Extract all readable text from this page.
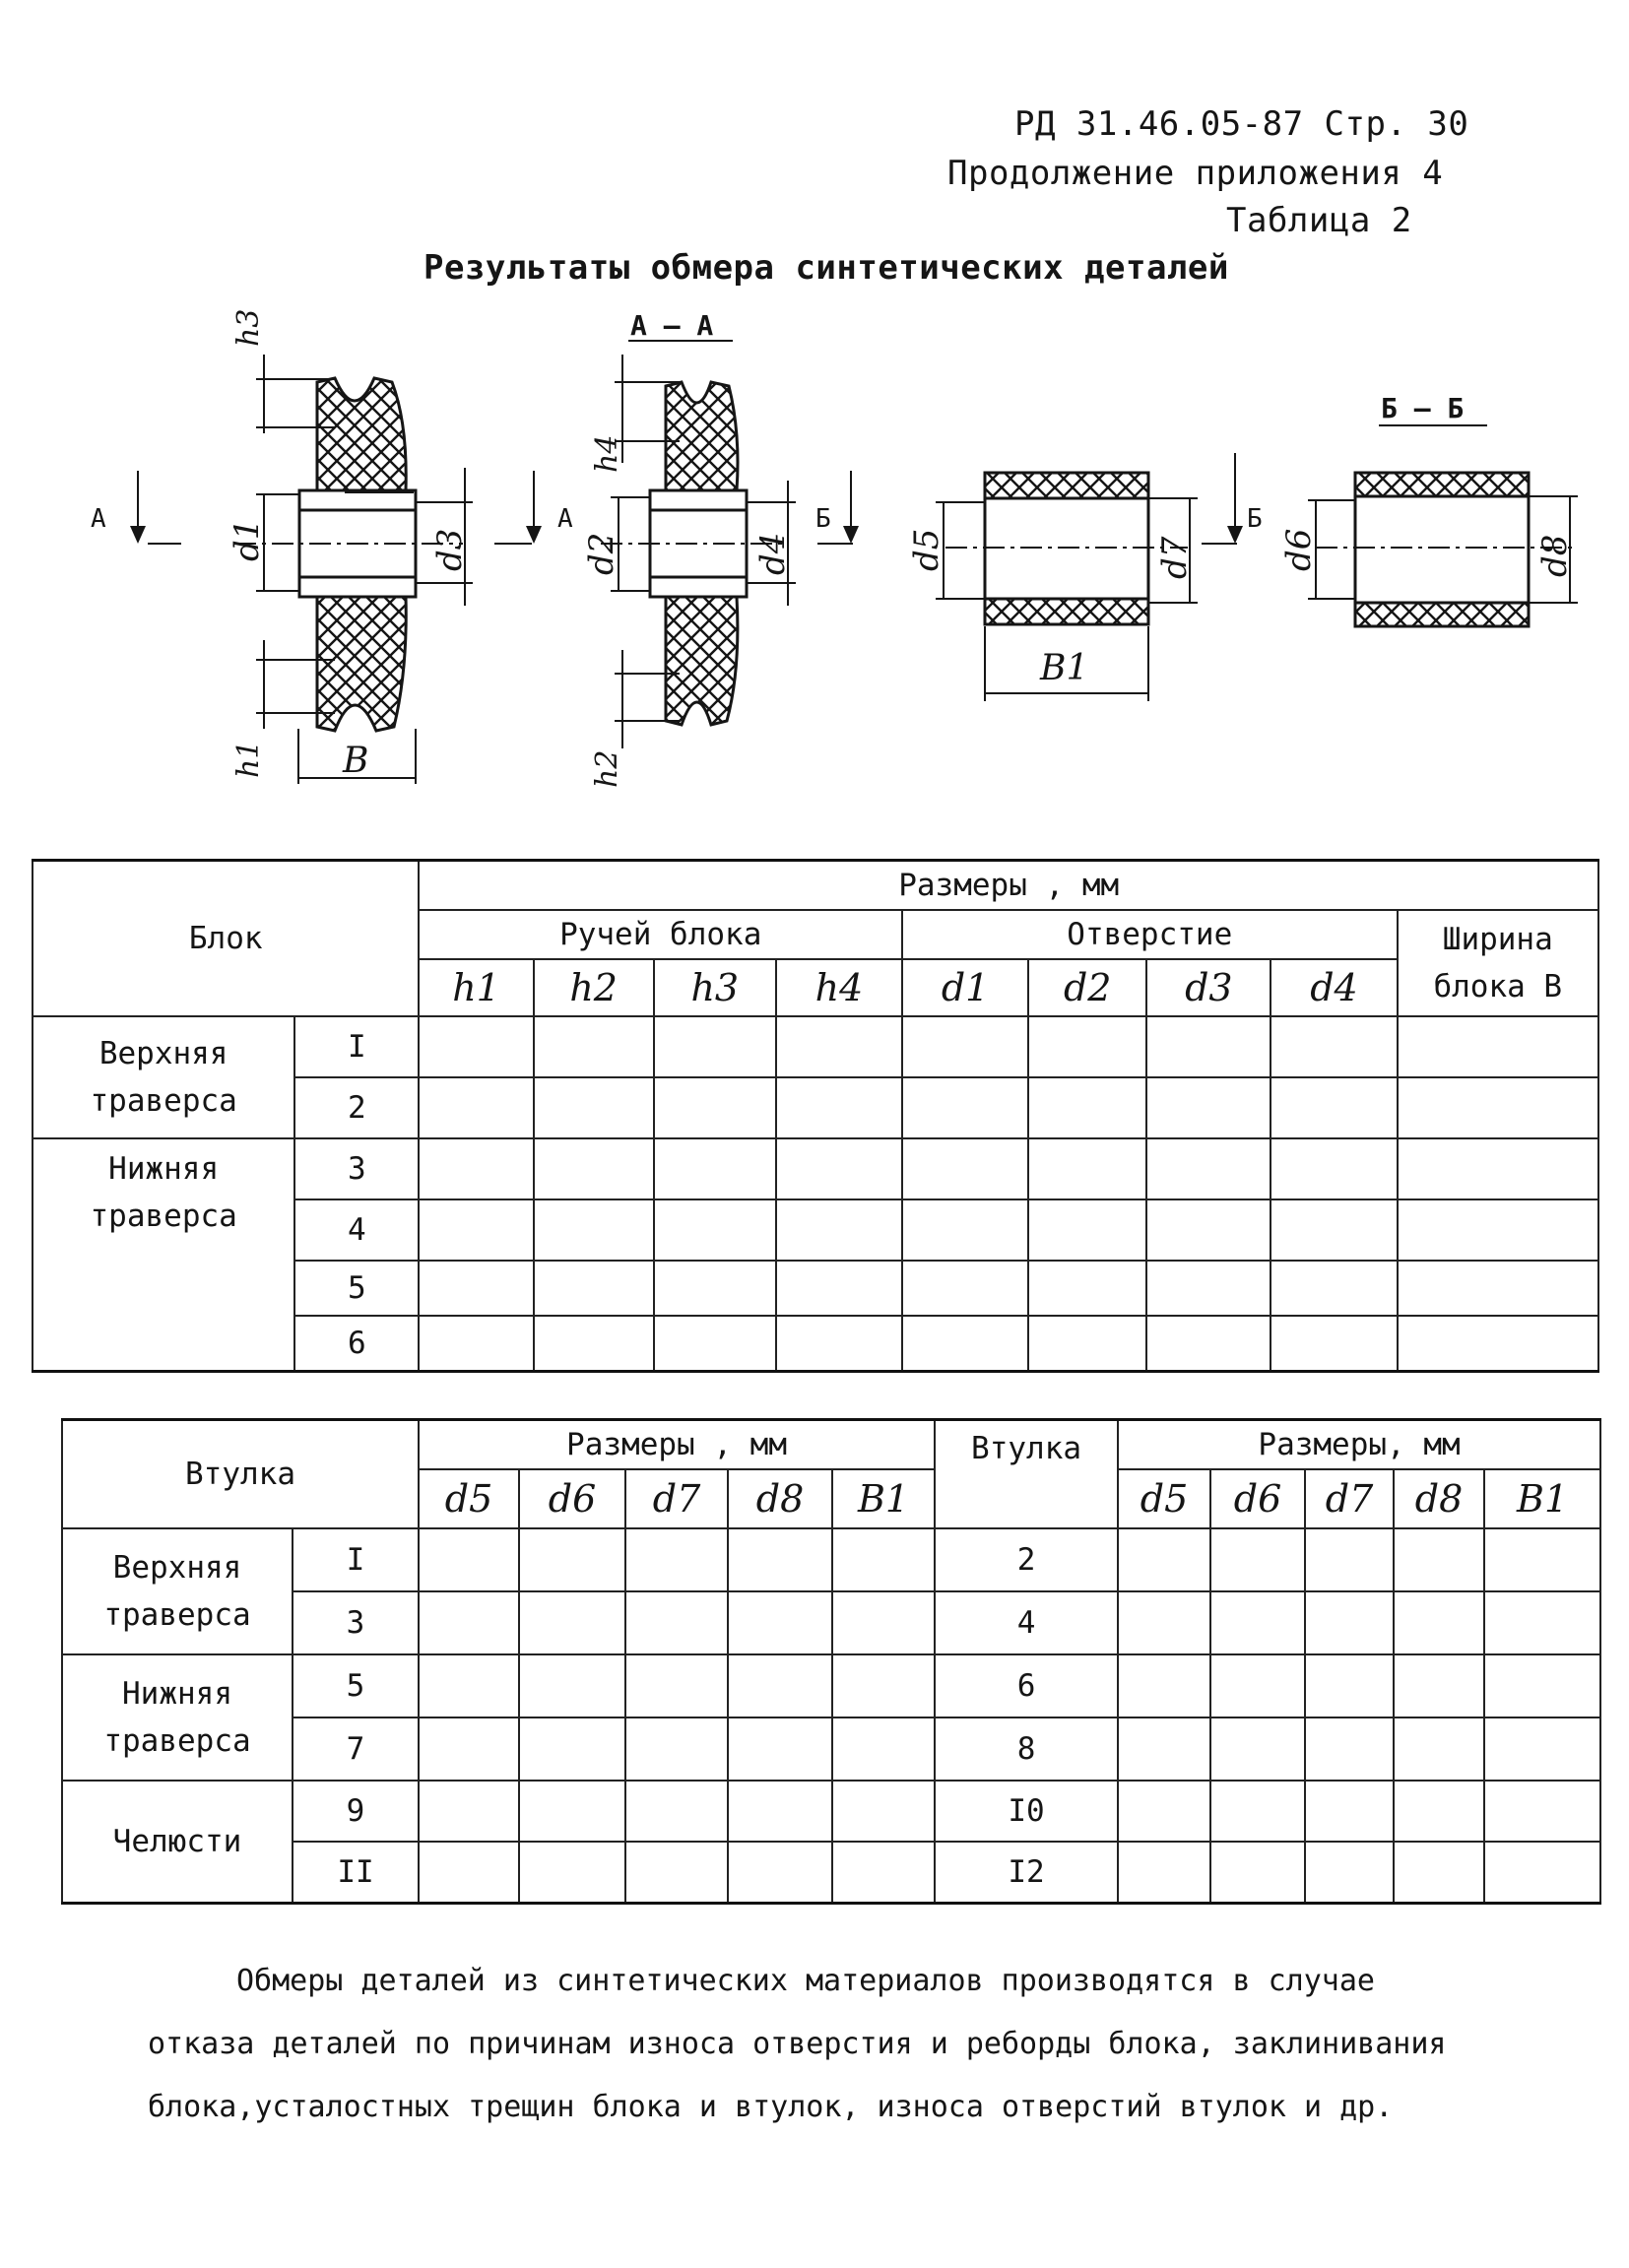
РД 31.46.05-87 Стр. 30
Продолжение приложения 4
Таблица 2
Результаты обмера синтетических деталей
А
h3
d1
h1
d3
B
А – А
А
h4
d2
h2
d4
Б
d5	d7
B1
Б – Б
Б
d6	d8
Блок		Размеры , мм								
		Ручей блока				Отверстие				Ширина
блока В

		h1	h2	h3	h4	d1	d2	d3	d4	

Верхняя
траверса	I									
	2									

Нижняя
траверса	3									
	4									
	5									
	6									
Втулка		Размеры , мм					Втулка	Размеры, мм				
		d5	d6	d7	d8	B1		d5	d6	d7	d8	B1

Верхняя
траверса	I						2					
	3						4					

Нижняя
траверса	5						6					
	7						8					
Челюсти	9						I0					
	II						I2					
Обмеры деталей из синтетических материалов производятся в случае
отказа деталей по причинам износа отверстия и реборды блока, заклинивания
блока,усталостных трещин блока и втулок, износа отверстий втулок и др.
